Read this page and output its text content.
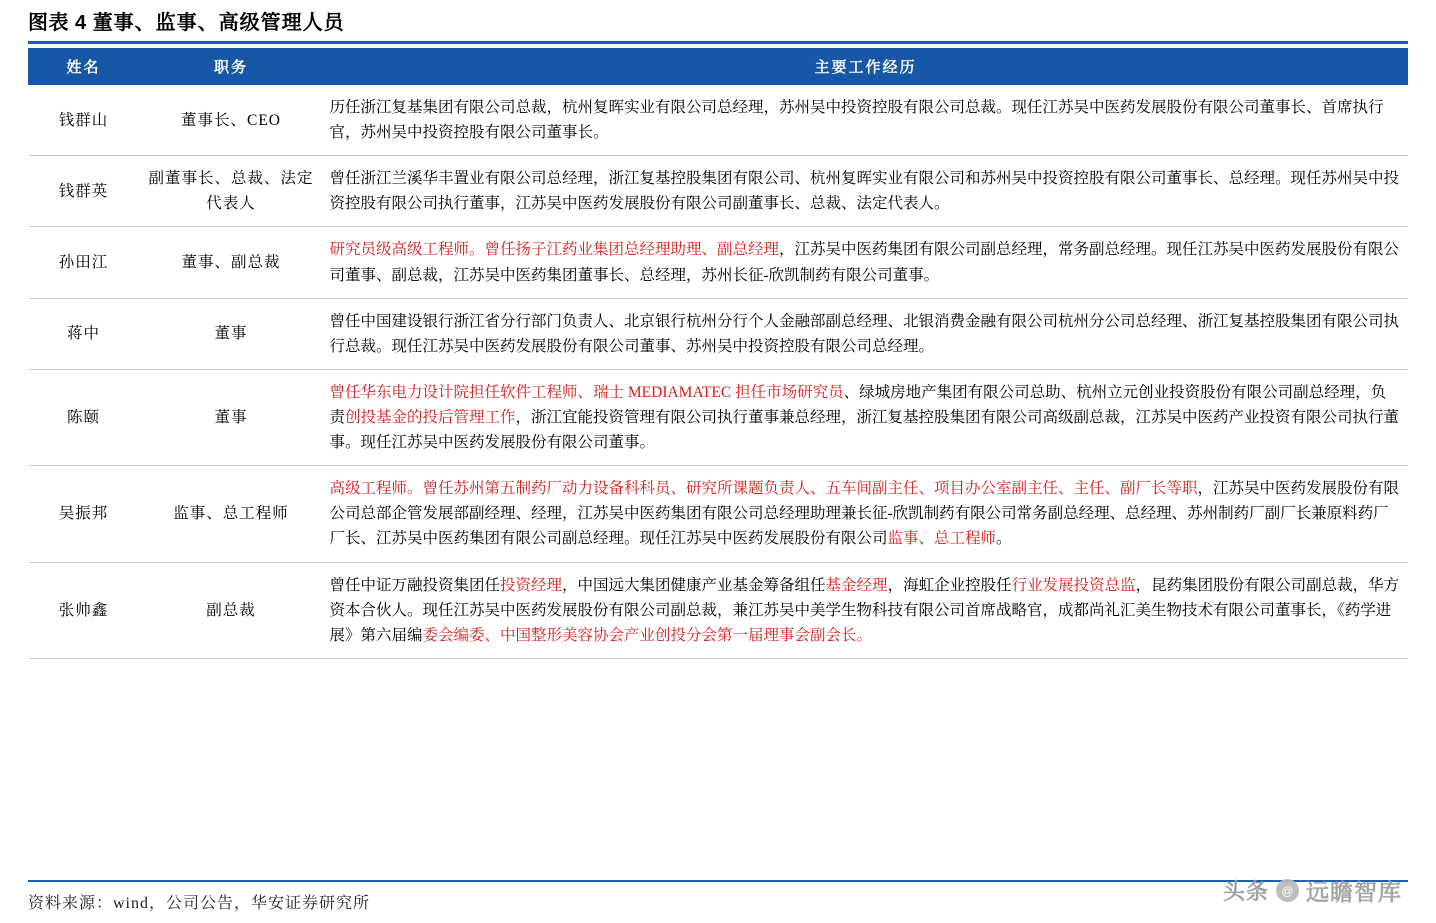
图表 4 董事、监事、高级管理人员
姓名	职务	主要工作经历
钱群山	董事长、CEO	历任浙江复基集团有限公司总裁，杭州复晖实业有限公司总经理，苏州吴中投资控股有限公司总裁。现任江苏吴中医药发展股份有限公司董事长、首席执行官，苏州吴中投资控股有限公司董事长。
钱群英	副董事长、总裁、法定代表人	曾任浙江兰溪华丰置业有限公司总经理，浙江复基控股集团有限公司、杭州复晖实业有限公司和苏州吴中投资控股有限公司董事长、总经理。现任苏州吴中投资控股有限公司执行董事，江苏吴中医药发展股份有限公司副董事长、总裁、法定代表人。
孙田江	董事、副总裁	研究员级高级工程师。曾任扬子江药业集团总经理助理、副总经理，江苏吴中医药集团有限公司副总经理，常务副总经理。现任江苏吴中医药发展股份有限公司董事、副总裁，江苏吴中医药集团董事长、总经理，苏州长征-欣凯制药有限公司董事。
蒋中	董事	曾任中国建设银行浙江省分行部门负责人、北京银行杭州分行个人金融部副总经理、北银消费金融有限公司杭州分公司总经理、浙江复基控股集团有限公司执行总裁。现任江苏吴中医药发展股份有限公司董事、苏州吴中投资控股有限公司总经理。
陈颐	董事	曾任华东电力设计院担任软件工程师、瑞士 MEDIAMATEC 担任市场研究员、绿城房地产集团有限公司总助、杭州立元创业投资股份有限公司副总经理，负责创投基金的投后管理工作，浙江宜能投资管理有限公司执行董事兼总经理，浙江复基控股集团有限公司高级副总裁，江苏吴中医药产业投资有限公司执行董事。现任江苏吴中医药发展股份有限公司董事。
吴振邦	监事、总工程师	高级工程师。曾任苏州第五制药厂动力设备科科员、研究所课题负责人、五车间副主任、项目办公室副主任、主任、副厂长等职，江苏吴中医药发展股份有限公司总部企管发展部副经理、经理，江苏吴中医药集团有限公司总经理助理兼长征-欣凯制药有限公司常务副总经理、总经理、苏州制药厂副厂长兼原料药厂厂长、江苏吴中医药集团有限公司副总经理。现任江苏吴中医药发展股份有限公司监事、总工程师。
张帅鑫	副总裁	曾任中证万融投资集团任投资经理，中国远大集团健康产业基金筹备组任基金经理，海虹企业控股任行业发展投资总监，昆药集团股份有限公司副总裁，华方资本合伙人。现任江苏吴中医药发展股份有限公司副总裁，兼江苏吴中美学生物科技有限公司首席战略官，成都尚礼汇美生物技术有限公司董事长，《药学进展》第六届编委会编委、中国整形美容协会产业创投分会第一届理事会副会长。
资料来源：wind，公司公告，华安证券研究所	头条	@ 远瞻智库
